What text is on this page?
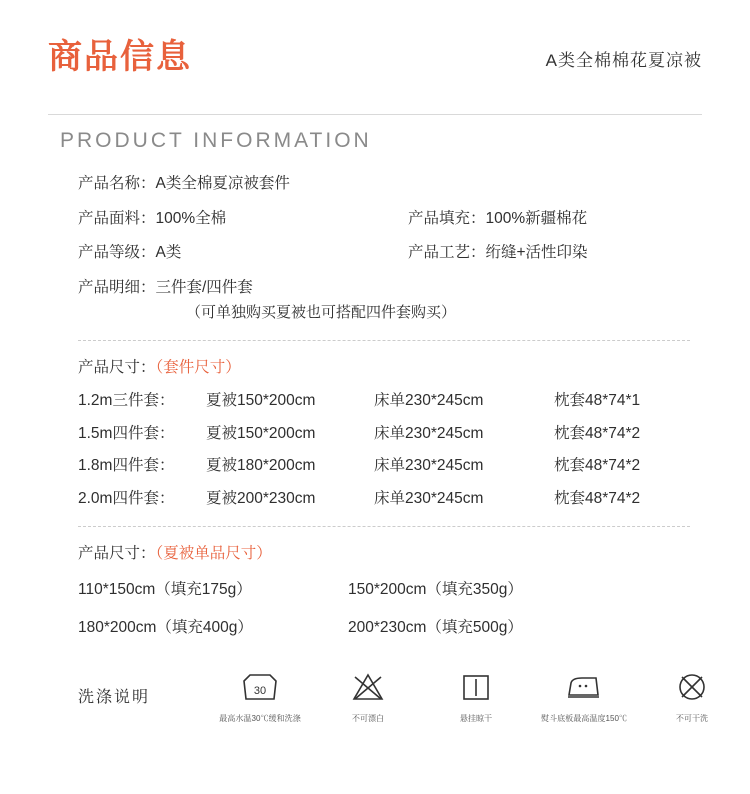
商品信息	A类全棉棉花夏凉被
PRODUCT INFORMATION
产品名称：A类全棉夏凉被套件
产品面料：100%全棉	产品填充：100%新疆棉花
产品等级：A类	产品工艺：绗缝+活性印染
产品明细：三件套/四件套
（可单独购买夏被也可搭配四件套购买）
产品尺寸：（套件尺寸）
1.2m三件套：	夏被150*200cm	床单230*245cm	枕套48*74*1
1.5m四件套：	夏被150*200cm	床单230*245cm	枕套48*74*2
1.8m四件套：	夏被180*200cm	床单230*245cm	枕套48*74*2
2.0m四件套：	夏被200*230cm	床单230*245cm	枕套48*74*2
产品尺寸：（夏被单品尺寸）
110*150cm（填充175g）	150*200cm（填充350g）
180*200cm（填充400g）	200*230cm（填充500g）
洗涤说明	30
最高水温30℃缓和洗涤	不可漂白	悬挂晾干	熨斗底板最高温度150℃	不可干洗
